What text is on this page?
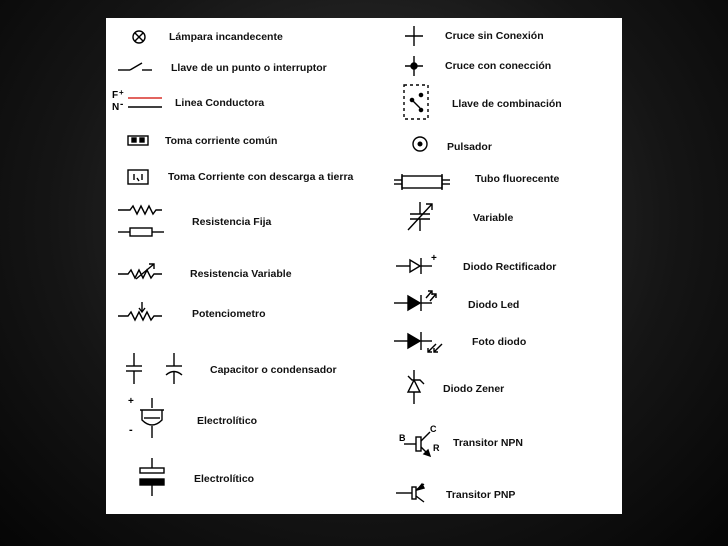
F +
N -
+
-
+
B
C
R
Lámpara incandecente
Llave de un punto o interruptor
Linea Conductora
Toma corriente común
Toma Corriente con descarga a tierra
Resistencia Fija
Resistencia Variable
Potenciometro
Capacitor o condensador
Electrolítico
Electrolítico
Cruce sin Conexión
Cruce con conección
Llave de combinación
Pulsador
Tubo fluorecente
Variable
Diodo Rectificador
Diodo Led
Foto diodo
Diodo Zener
Transitor NPN
Transitor PNP
